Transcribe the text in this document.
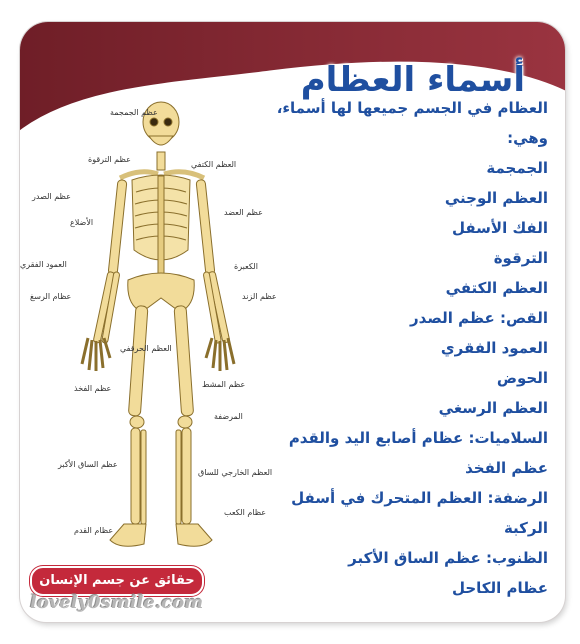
أسماء العظام

العظام في الجسم جميعها لها أسماء،

وهي:

الجمجمة
العظم الوجني
الفك الأسفل
الترقوة
العظم الكتفي
القص: عظم الصدر
العمود الفقري
الحوض
العظم الرسغي
السلاميات: عظام أصابع اليد والقدم
عظم الفخذ
الرضفة: العظم المتحرك في أسفل
الركبة
الظنوب: عظم الساق الأكبر
عظام الكاحل
عظم الجمجمة
عظم الترقوة
العظم الكتفي
عظم الصدر
عظم العضد
الأضلاع
العمود الفقري	الكعبرة
عظام الرسغ	عظم الزند
العظم الحرقفي
عظم الفخذ	عظم المشط
المرضفة
عظم الساق الأكبر
العظم الخارجي للساق
عظام الكعب
عظام القدم
حقائق عن جسم الإنسان
lovely0smile.com
